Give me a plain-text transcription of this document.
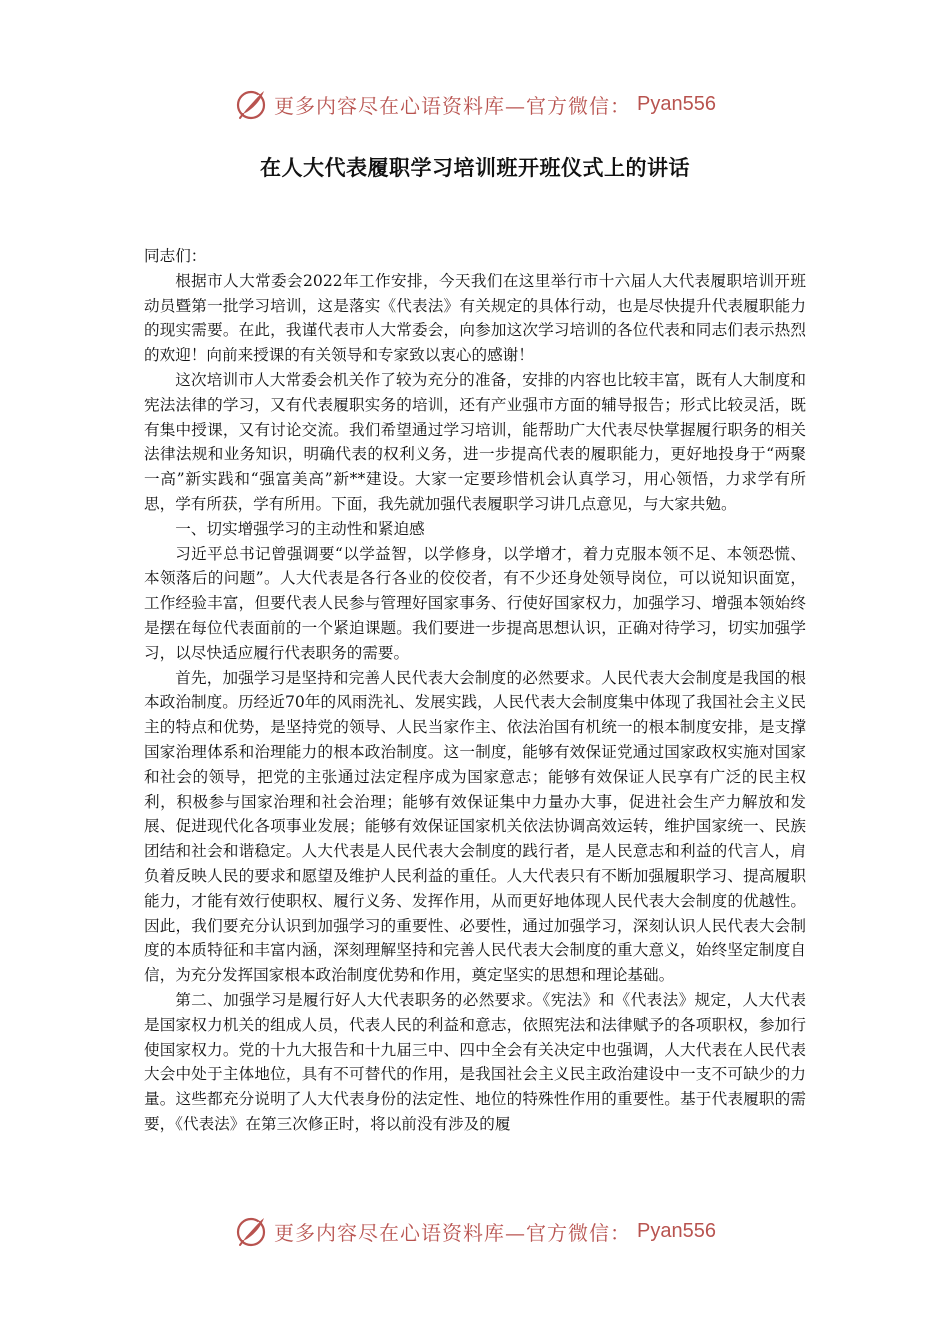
更多内容尽在心语资料库—官方微信： Pyan556
在人大代表履职学习培训班开班仪式上的讲话

同志们：

根据市人大常委会2022年工作安排，今天我们在这里举行市十六届人大代表履职培训开班动员暨第一批学习培训，这是落实《代表法》有关规定的具体行动，也是尽快提升代表履职能力的现实需要。在此，我谨代表市人大常委会，向参加这次学习培训的各位代表和同志们表示热烈的欢迎！向前来授课的有关领导和专家致以衷心的感谢！

这次培训市人大常委会机关作了较为充分的准备，安排的内容也比较丰富，既有人大制度和宪法法律的学习，又有代表履职实务的培训，还有产业强市方面的辅导报告；形式比较灵活，既有集中授课，又有讨论交流。我们希望通过学习培训，能帮助广大代表尽快掌握履行职务的相关法律法规和业务知识，明确代表的权利义务，进一步提高代表的履职能力，更好地投身于“两聚一高”新实践和“强富美高”新**建设。大家一定要珍惜机会认真学习，用心领悟，力求学有所思，学有所获，学有所用。下面，我先就加强代表履职学习讲几点意见，与大家共勉。

一、切实增强学习的主动性和紧迫感

习近平总书记曾强调要“以学益智，以学修身，以学增才，着力克服本领不足、本领恐慌、本领落后的问题”。人大代表是各行各业的佼佼者，有不少还身处领导岗位，可以说知识面宽，工作经验丰富，但要代表人民参与管理好国家事务、行使好国家权力，加强学习、增强本领始终是摆在每位代表面前的一个紧迫课题。我们要进一步提高思想认识，正确对待学习，切实加强学习，以尽快适应履行代表职务的需要。

首先，加强学习是坚持和完善人民代表大会制度的必然要求。人民代表大会制度是我国的根本政治制度。历经近70年的风雨洗礼、发展实践，人民代表大会制度集中体现了我国社会主义民主的特点和优势，是坚持党的领导、人民当家作主、依法治国有机统一的根本制度安排，是支撑国家治理体系和治理能力的根本政治制度。这一制度，能够有效保证党通过国家政权实施对国家和社会的领导，把党的主张通过法定程序成为国家意志；能够有效保证人民享有广泛的民主权利，积极参与国家治理和社会治理；能够有效保证集中力量办大事，促进社会生产力解放和发展、促进现代化各项事业发展；能够有效保证国家机关依法协调高效运转，维护国家统一、民族团结和社会和谐稳定。人大代表是人民代表大会制度的践行者，是人民意志和利益的代言人，肩负着反映人民的要求和愿望及维护人民利益的重任。人大代表只有不断加强履职学习、提高履职能力，才能有效行使职权、履行义务、发挥作用，从而更好地体现人民代表大会制度的优越性。因此，我们要充分认识到加强学习的重要性、必要性，通过加强学习，深刻认识人民代表大会制度的本质特征和丰富内涵，深刻理解坚持和完善人民代表大会制度的重大意义，始终坚定制度自信，为充分发挥国家根本政治制度优势和作用，奠定坚实的思想和理论基础。

第二、加强学习是履行好人大代表职务的必然要求。《宪法》和《代表法》规定，人大代表是国家权力机关的组成人员，代表人民的利益和意志，依照宪法和法律赋予的各项职权，参加行使国家权力。党的十九大报告和十九届三中、四中全会有关决定中也强调，人大代表在人民代表大会中处于主体地位，具有不可替代的作用，是我国社会主义民主政治建设中一支不可缺少的力量。这些都充分说明了人大代表身份的法定性、地位的特殊性作用的重要性。基于代表履职的需要，《代表法》在第三次修正时，将以前没有涉及的履

更多内容尽在心语资料库—官方微信： Pyan556
